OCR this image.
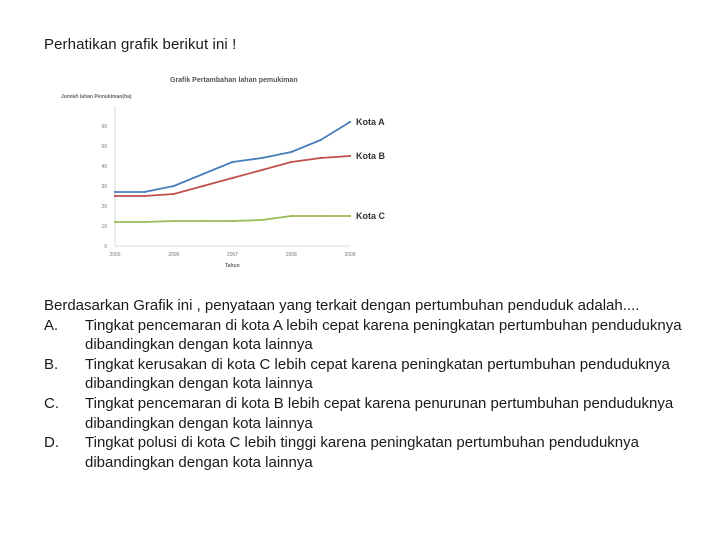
Perhatikan grafik berikut ini !
Grafik Pertambahan lahan pemukiman
Jumlah lahan Pemukiman(ha)
Tahun
0
10
20
30
40
50
60
2005	2006	2007	2008	2009
Kota A
Kota B
Kota C

Berdasarkan Grafik ini , penyataan yang terkait dengan pertumbuhan penduduk adalah....

A.	Tingkat pencemaran di kota A lebih cepat karena peningkatan pertumbuhan penduduknya dibandingkan dengan kota lainnya
B.	Tingkat kerusakan di kota C lebih cepat karena peningkatan pertumbuhan penduduknya dibandingkan dengan kota lainnya
C.	Tingkat pencemaran di kota B lebih cepat karena penurunan pertumbuhan penduduknya dibandingkan dengan kota lainnya
D.	Tingkat polusi di kota C lebih tinggi karena peningkatan pertumbuhan penduduknya dibandingkan dengan kota lainnya
